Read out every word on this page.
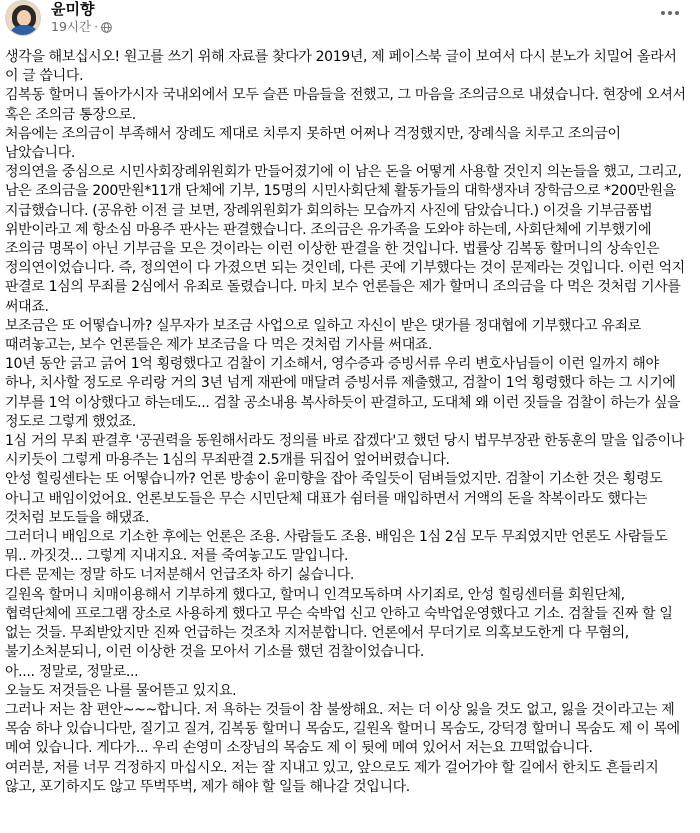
윤미향
19시간 ·

생각을 해보십시오! 원고를 쓰기 위해 자료를 찾다가 2019년, 제 페이스북 글이 보여서 다시 분노가 치밀어 올라서 이 글 씁니다.

김복동 할머니 돌아가시자 국내외에서 모두 슬픈 마음들을 전했고, 그 마음을 조의금으로 내셨습니다. 현장에 오셔서 혹은 조의금 통장으로.

처음에는 조의금이 부족해서 장례도 제대로 치루지 못하면 어쩌나 걱정했지만, 장례식을 치루고 조의금이 남았습니다.

정의연을 중심으로 시민사회장례위원회가 만들어졌기에 이 남은 돈을 어떻게 사용할 것인지 의논들을 했고, 그리고, 남은 조의금을 200만원*11개 단체에 기부, 15명의 시민사회단체 활동가들의 대학생자녀 장학금으로 *200만원을 지급했습니다. (공유한 이전 글 보면, 장례위원회가 회의하는 모습까지 사진에 담았습니다.) 이것을 기부금품법 위반이라고 제 항소심 마용주 판사는 판결했습니다. 조의금은 유가족을 도와야 하는데, 사회단체에 기부했기에 조의금 명목이 아닌 기부금을 모은 것이라는 이런 이상한 판결을 한 것입니다. 법률상 김복동 할머니의 상속인은 정의연이었습니다. 즉, 정의연이 다 가졌으면 되는 것인데, 다른 곳에 기부했다는 것이 문제라는 것입니다. 이런 억지 판결로 1심의 무죄를 2심에서 유죄로 돌렸습니다. 마치 보수 언론들은 제가 할머니 조의금을 다 먹은 것처럼 기사를 써대죠.

보조금은 또 어떻습니까? 실무자가 보조금 사업으로 일하고 자신이 받은 댓가를 정대협에 기부했다고 유죄로 때려놓고는, 보수 언론들은 제가 보조금을 다 먹은 것처럼 기사를 써대죠.

10년 동안 긁고 긁어 1억 횡령했다고 검찰이 기소해서, 영수증과 증빙서류 우리 변호사님들이 이런 일까지 해야 하나, 치사할 정도로 우리랑 거의 3년 넘게 재판에 매달려 증빙서류 제출했고, 검찰이 1억 횡령했다 하는 그 시기에 기부를 1억 이상했다고 하는데도... 검찰 공소내용 복사하듯이 판결하고, 도대체 왜 이런 짓들을 검찰이 하는가 싶을 정도로 그렇게 했었죠.

1심 거의 무죄 판결후 '공권력을 동원해서라도 정의를 바로 잡겠다'고 했던 당시 법무부장관 한동훈의 말을 입증이나 시키듯이 그렇게 마용주는 1심의 무죄판결 2.5개를 뒤집어 엎어버렸습니다.

안성 힐링센타는 또 어떻습니까? 언론 방송이 윤미향을 잡아 죽일듯이 덤벼들었지만. 검찰이 기소한 것은 횡령도 아니고 배임이었어요. 언론보도들은 무슨 시민단체 대표가 쉼터를 매입하면서 거액의 돈을 착복이라도 했다는 것처럼 보도들을 해댔죠.

그러더니 배임으로 기소한 후에는 언론은 조용. 사람들도 조용. 배임은 1심 2심 모두 무죄였지만 언론도 사람들도 뭐.. 까짓것... 그렇게 지내지요. 저를 죽여놓고도 말입니다.

다른 문제는 정말 하도 너저분해서 언급조차 하기 싫습니다.

길원옥 할머니 치매이용해서 기부하게 했다고, 할머니 인격모독하며 사기죄로, 안성 힐링센터를 회원단체, 협력단체에 프로그램 장소로 사용하게 했다고 무슨 숙박업 신고 안하고 숙박업운영했다고 기소. 검찰들 진짜 할 일 없는 것들. 무죄받았지만 진짜 언급하는 것조차 지저분합니다. 언론에서 무더기로 의혹보도한게 다 무혐의, 불기소처분되니, 이런 이상한 것을 모아서 기소를 했던 검찰이었습니다.

아.... 정말로, 정말로...

오늘도 저것들은 나를 물어뜯고 있지요.

그러나 저는 참 편안~~~합니다. 저 욕하는 것들이 참 불쌍해요. 저는 더 이상 잃을 것도 없고, 잃을 것이라고는 제 목숨 하나 있습니다만, 질기고 질겨, 김복동 할머니 목숨도, 길원옥 할머니 목숨도, 강덕경 할머니 목숨도 제 이 목에 메여 있습니다. 게다가... 우리 손영미 소장님의 목숨도 제 이 뒷에 메여 있어서 저는요 끄떡없습니다.

여러분, 저를 너무 걱정하지 마십시오. 저는 잘 지내고 있고, 앞으로도 제가 걸어가야 할 길에서 한치도 흔들리지 않고, 포기하지도 않고 뚜벅뚜벅, 제가 해야 할 일들 해나갈 것입니다.
